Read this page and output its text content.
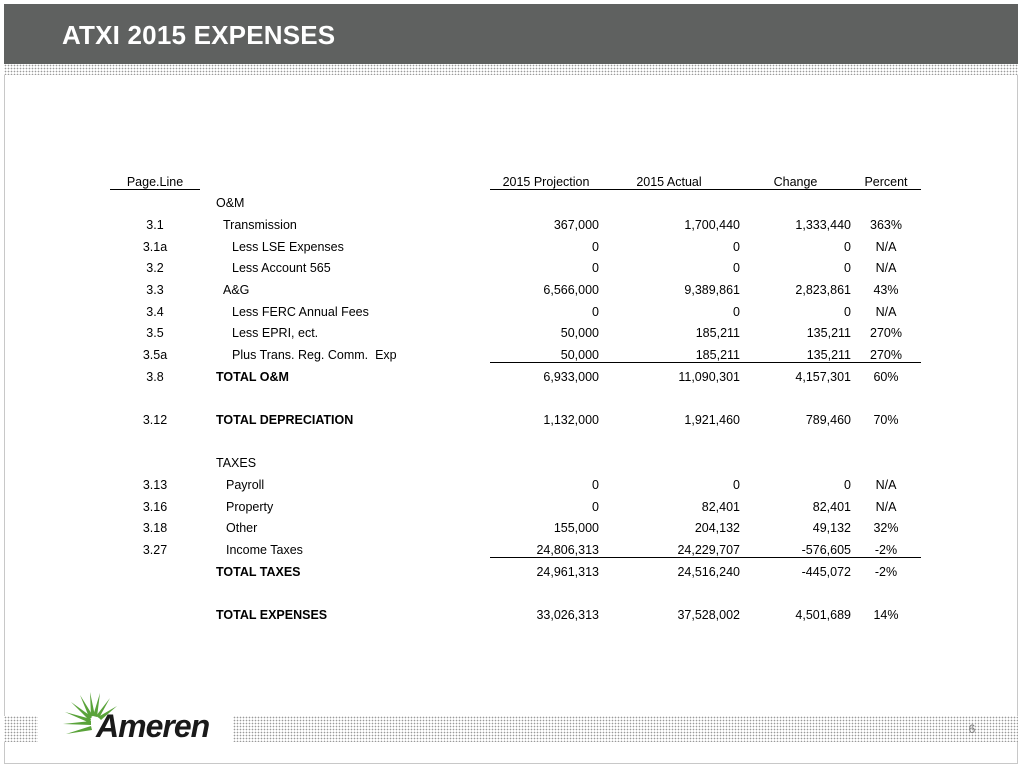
ATXI 2015 EXPENSES
Page.Line	2015 Projection	2015 Actual	Change	Percent
O&M
3.1	Transmission	367,000	1,700,440	1,333,440	363%
3.1a	Less LSE Expenses	0	0	0	N/A
3.2	Less Account 565	0	0	0	N/A
3.3	A&G	6,566,000	9,389,861	2,823,861	43%
3.4	Less FERC Annual Fees	0	0	0	N/A
3.5	Less EPRI, ect.	50,000	185,211	135,211	270%
3.5a	Plus Trans. Reg. Comm.  Exp	50,000	185,211	135,211	270%
3.8	TOTAL O&M	6,933,000	11,090,301	4,157,301	60%
3.12	TOTAL DEPRECIATION	1,132,000	1,921,460	789,460	70%
TAXES
3.13	Payroll	0	0	0	N/A
3.16	Property	0	82,401	82,401	N/A
3.18	Other	155,000	204,132	49,132	32%
3.27	Income Taxes	24,806,313	24,229,707	-576,605	-2%
TOTAL TAXES	24,961,313	24,516,240	-445,072	-2%
TOTAL EXPENSES	33,026,313	37,528,002	4,501,689	14%
Ameren	6
